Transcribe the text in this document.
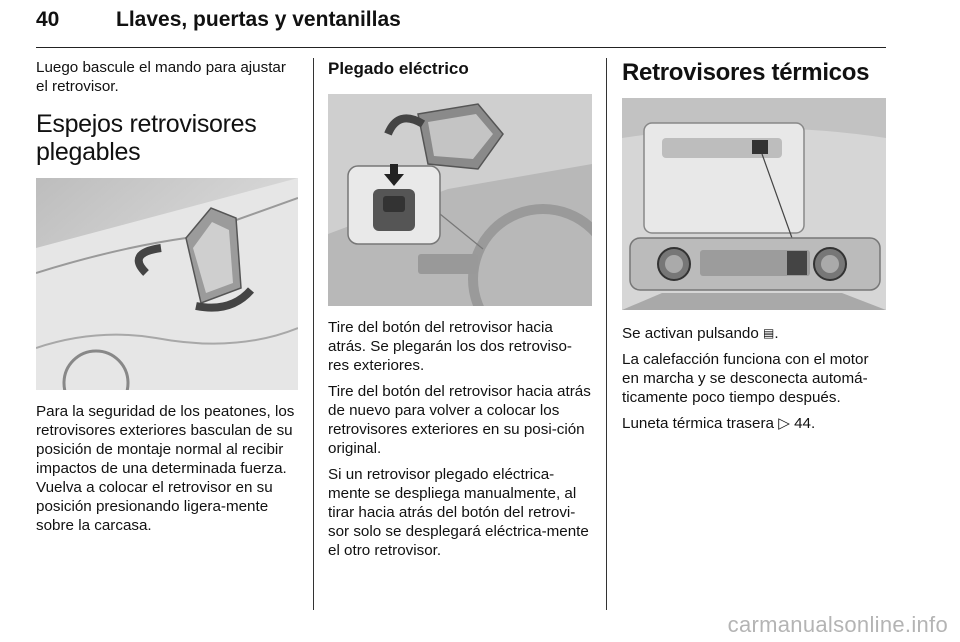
40	Llaves, puertas y ventanillas

Luego bascule el mando para ajustar el retrovisor.

Espejos retrovisores plegables

Para la seguridad de los peatones, los retrovisores exteriores basculan de su posición de montaje normal al recibir impactos de una determinada fuerza. Vuelva a colocar el retrovisor en su posición presionando ligera-mente sobre la carcasa.

Plegado eléctrico

Tire del botón del retrovisor hacia atrás. Se plegarán los dos retroviso-res exteriores.

Tire del botón del retrovisor hacia atrás de nuevo para volver a colocar los retrovisores exteriores en su posi-ción original.

Si un retrovisor plegado eléctrica-mente se despliega manualmente, al tirar hacia atrás del botón del retrovi-sor solo se desplegará eléctrica-mente el otro retrovisor.

Retrovisores térmicos

Se activan pulsando ▤.

La calefacción funciona con el motor en marcha y se desconecta automá-ticamente poco tiempo después.

Luneta térmica trasera ▷ 44.

carmanualsonline.info
